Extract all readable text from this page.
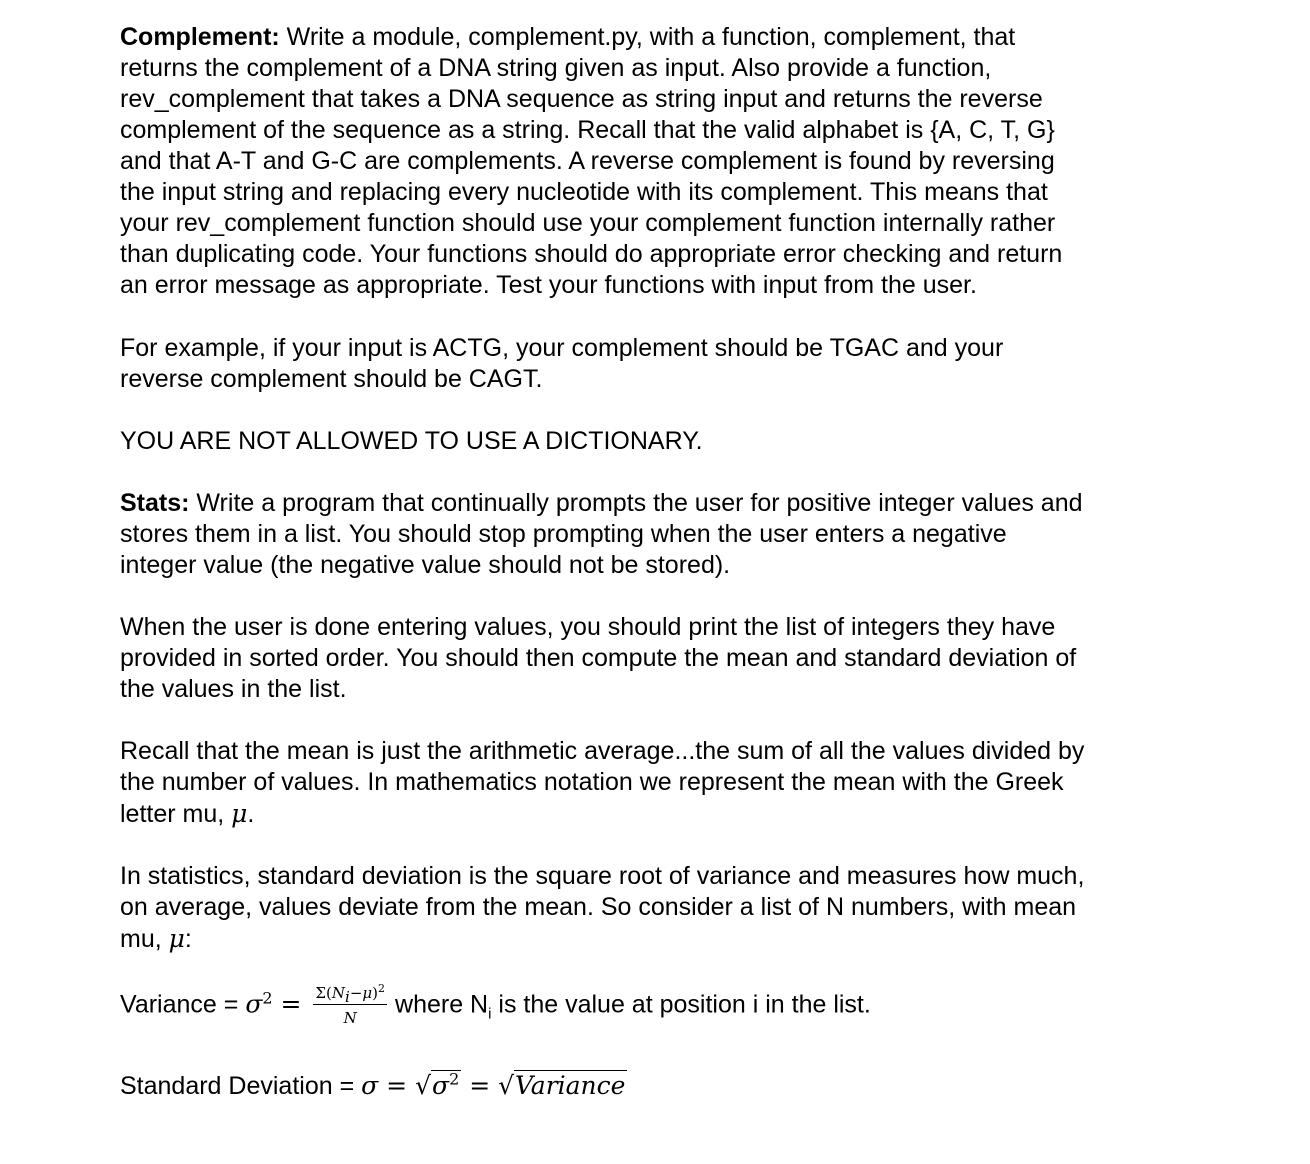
Complement: Write a module, complement.py, with a function, complement, that
returns the complement of a DNA string given as input. Also provide a function,
rev_complement that takes a DNA sequence as string input and returns the reverse
complement of the sequence as a string. Recall that the valid alphabet is {A, C, T, G}
and that A-T and G-C are complements. A reverse complement is found by reversing
the input string and replacing every nucleotide with its complement. This means that
your rev_complement function should use your complement function internally rather
than duplicating code. Your functions should do appropriate error checking and return
an error message as appropriate. Test your functions with input from the user.

For example, if your input is ACTG, your complement should be TGAC and your
reverse complement should be CAGT.

YOU ARE NOT ALLOWED TO USE A DICTIONARY.

Stats: Write a program that continually prompts the user for positive integer values and
stores them in a list. You should stop prompting when the user enters a negative
integer value (the negative value should not be stored).

When the user is done entering values, you should print the list of integers they have
provided in sorted order. You should then compute the mean and standard deviation of
the values in the list.

Recall that the mean is just the arithmetic average...the sum of all the values divided by
the number of values. In mathematics notation we represent the mean with the Greek
letter mu, μ.

In statistics, standard deviation is the square root of variance and measures how much,
on average, values deviate from the mean. So consider a list of N numbers, with mean
mu, μ:

Variance = $\sigma^2 = \frac{\Sigma(N_i-\mu)^2}{N}$ where $N_i$ is the value at position i in the list.
Standard Deviation = $\sigma = √\sigma^2$ = √Variance
